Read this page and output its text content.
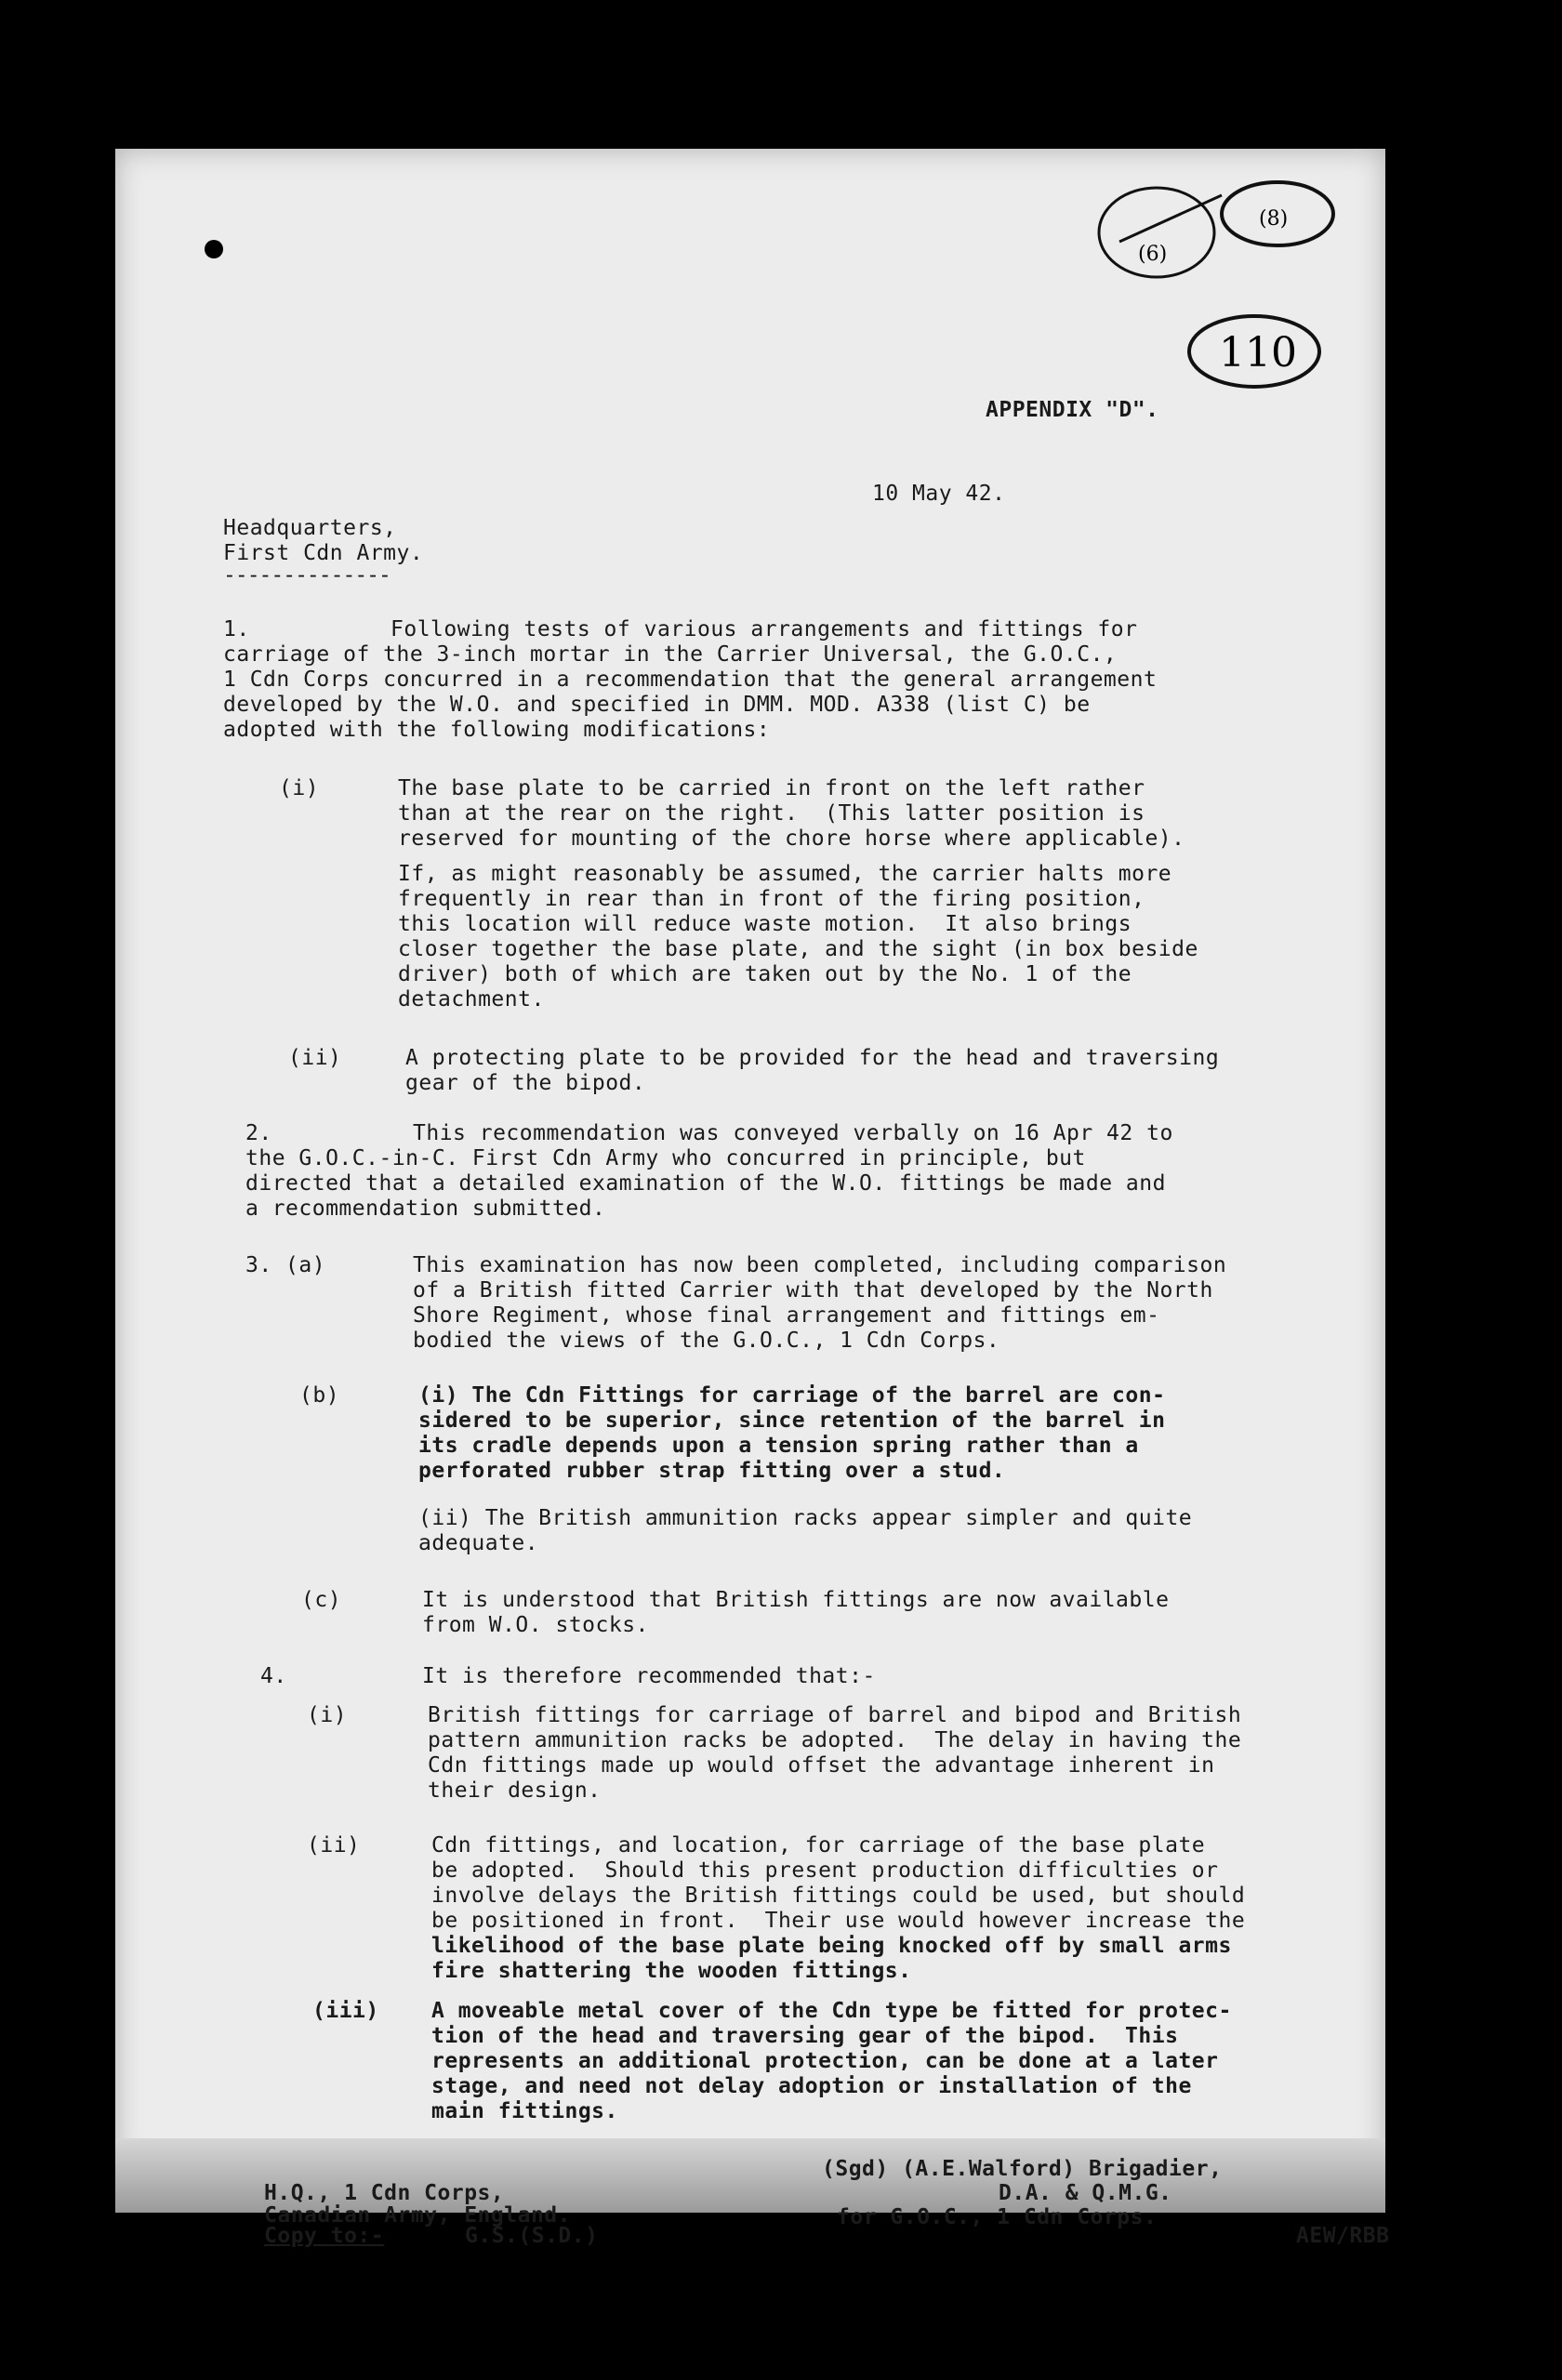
(6)
(8)
110
APPENDIX "D".
10 May 42.
Headquarters,
First Cdn Army.
--------------
1.	Following tests of various arrangements and fittings for
carriage of the 3-inch mortar in the Carrier Universal, the G.O.C.,
1 Cdn Corps concurred in a recommendation that the general arrangement
developed by the W.O. and specified in DMM. MOD. A338 (list C) be
adopted with the following modifications:
(i)	The base plate to be carried in front on the left rather
than at the rear on the right.  (This latter position is
reserved for mounting of the chore horse where applicable).
If, as might reasonably be assumed, the carrier halts more
frequently in rear than in front of the firing position,
this location will reduce waste motion.  It also brings
closer together the base plate, and the sight (in box beside
driver) both of which are taken out by the No. 1 of the
detachment.
(ii)	A protecting plate to be provided for the head and traversing
gear of the bipod.
2.	This recommendation was conveyed verbally on 16 Apr 42 to
the G.O.C.-in-C. First Cdn Army who concurred in principle, but
directed that a detailed examination of the W.O. fittings be made and
a recommendation submitted.
3. (a)	This examination has now been completed, including comparison
of a British fitted Carrier with that developed by the North
Shore Regiment, whose final arrangement and fittings em-
bodied the views of the G.O.C., 1 Cdn Corps.
(b)	(i) The Cdn Fittings for carriage of the barrel are con-
sidered to be superior, since retention of the barrel in
its cradle depends upon a tension spring rather than a
perforated rubber strap fitting over a stud.
(ii) The British ammunition racks appear simpler and quite
adequate.
(c)	It is understood that British fittings are now available
from W.O. stocks.
4.	It is therefore recommended that:-
(i)	British fittings for carriage of barrel and bipod and British
pattern ammunition racks be adopted.  The delay in having the
Cdn fittings made up would offset the advantage inherent in
their design.
(ii)	Cdn fittings, and location, for carriage of the base plate
be adopted.  Should this present production difficulties or
involve delays the British fittings could be used, but should
be positioned in front.  Their use would however increase the
likelihood of the base plate being knocked off by small arms
fire shattering the wooden fittings.
(iii) A moveable metal cover of the Cdn type be fitted for protec-
tion of the head and traversing gear of the bipod.  This
represents an additional protection, can be done at a later
stage, and need not delay adoption or installation of the
main fittings.
(Sgd) (A.E.Walford) Brigadier,
D.A. & Q.M.G.
for G.O.C., 1 Cdn Corps.
H.Q., 1 Cdn Corps,
Canadian Army, England.
Copy to:-	G.S.(S.D.)	AEW/RBB
